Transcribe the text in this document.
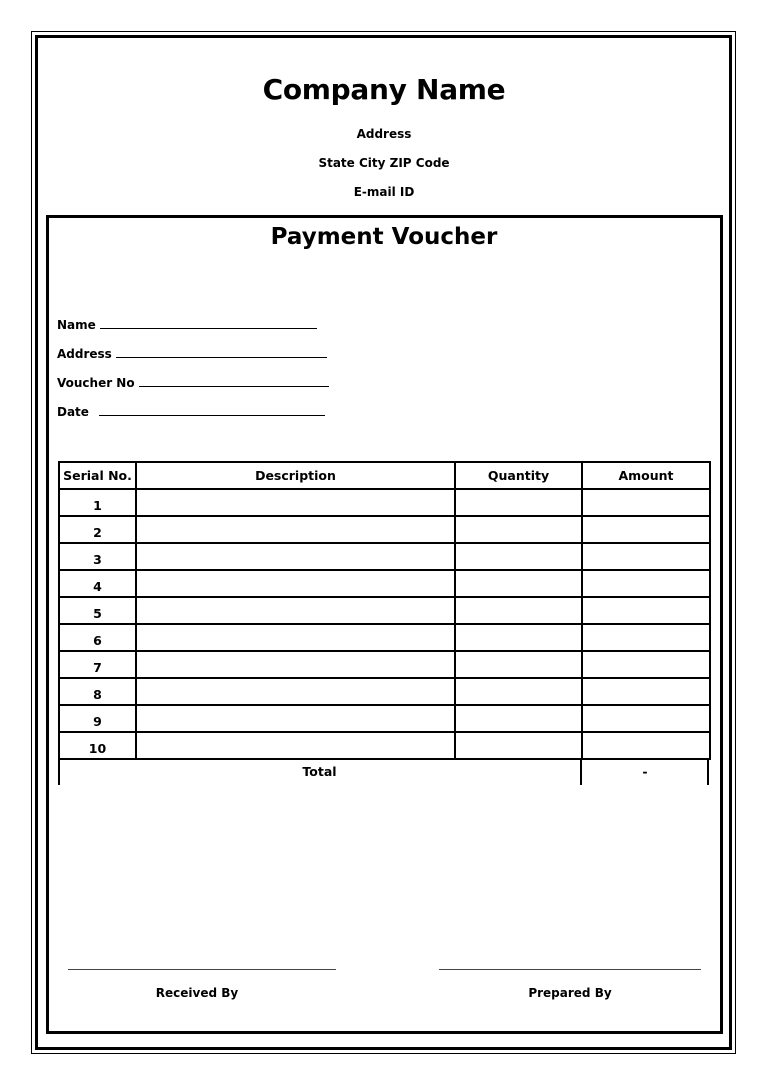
Company Name
Address
State City ZIP Code
E-mail ID
Payment Voucher
Name
Address
Voucher No
Date
Serial No.	Description	Quantity	Amount
1			
2			
3			
4			
5			
6			
7			
8			
9			
10			
Total	-
Received By	Prepared By
